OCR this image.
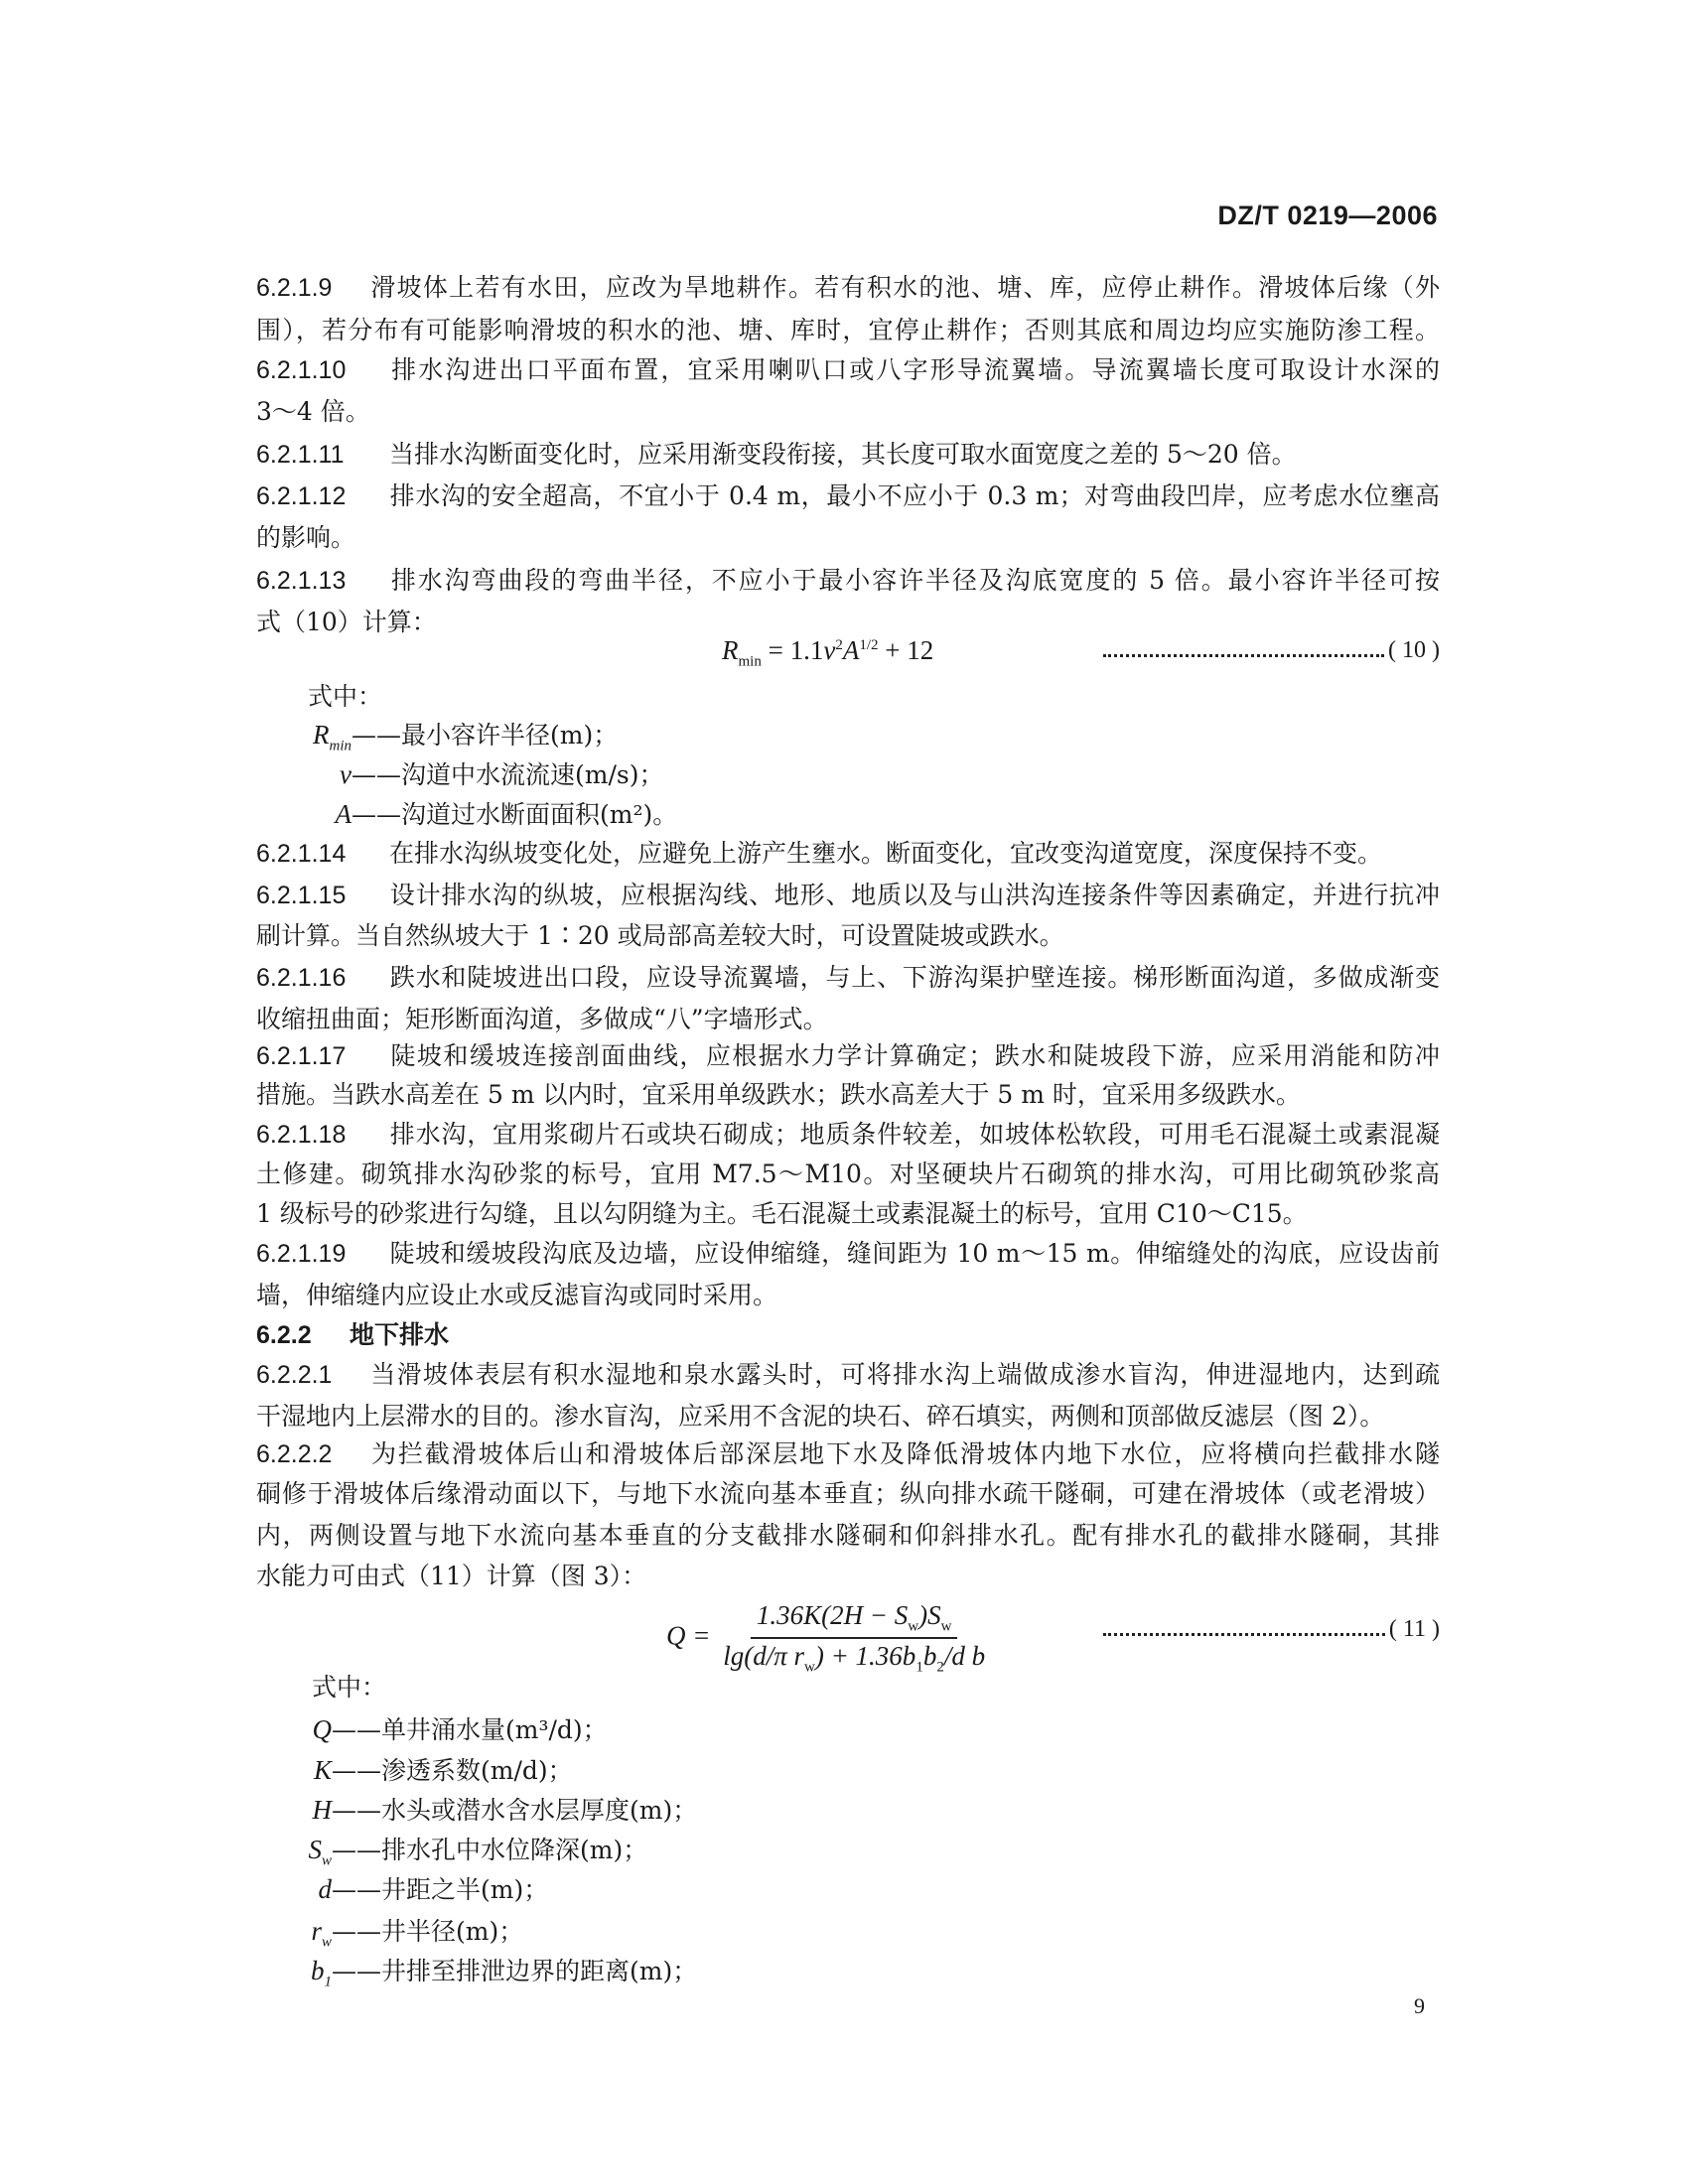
DZ/T 0219—2006
6.2.1.9 滑坡体上若有水田，应改为旱地耕作。若有积水的池、塘、库，应停止耕作。滑坡体后缘（外
围），若分布有可能影响滑坡的积水的池、塘、库时，宜停止耕作；否则其底和周边均应实施防渗工程。
6.2.1.10 排水沟进出口平面布置，宜采用喇叭口或八字形导流翼墙。导流翼墙长度可取设计水深的
3～4 倍。
6.2.1.11 当排水沟断面变化时，应采用渐变段衔接，其长度可取水面宽度之差的 5～20 倍。
6.2.1.12 排水沟的安全超高，不宜小于 0.4 m，最小不应小于 0.3 m；对弯曲段凹岸，应考虑水位壅高
的影响。
6.2.1.13 排水沟弯曲段的弯曲半径，不应小于最小容许半径及沟底宽度的 5 倍。最小容许半径可按
式（10）计算：
$R_{min} = 1.1v^2A^{1/2} + 12$	( 10 )
式中：
$R_{min}——$最小容许半径(m)；
v——沟道中水流流速(m/s)；
A——沟道过水断面面积(m²)。
6.2.1.14 在排水沟纵坡变化处，应避免上游产生壅水。断面变化，宜改变沟道宽度，深度保持不变。
6.2.1.15 设计排水沟的纵坡，应根据沟线、地形、地质以及与山洪沟连接条件等因素确定，并进行抗冲
刷计算。当自然纵坡大于 1∶20 或局部高差较大时，可设置陡坡或跌水。
6.2.1.16 跌水和陡坡进出口段，应设导流翼墙，与上、下游沟渠护壁连接。梯形断面沟道，多做成渐变
收缩扭曲面；矩形断面沟道，多做成“八”字墙形式。
6.2.1.17 陡坡和缓坡连接剖面曲线，应根据水力学计算确定；跌水和陡坡段下游，应采用消能和防冲
措施。当跌水高差在 5 m 以内时，宜采用单级跌水；跌水高差大于 5 m 时，宜采用多级跌水。
6.2.1.18 排水沟，宜用浆砌片石或块石砌成；地质条件较差，如坡体松软段，可用毛石混凝土或素混凝
土修建。砌筑排水沟砂浆的标号，宜用 M7.5～M10。对坚硬块片石砌筑的排水沟，可用比砌筑砂浆高
1 级标号的砂浆进行勾缝，且以勾阴缝为主。毛石混凝土或素混凝土的标号，宜用 C10～C15。
6.2.1.19 陡坡和缓坡段沟底及边墙，应设伸缩缝，缝间距为 10 m～15 m。伸缩缝处的沟底，应设齿前
墙，伸缩缝内应设止水或反滤盲沟或同时采用。
6.2.2 地下排水
6.2.2.1 当滑坡体表层有积水湿地和泉水露头时，可将排水沟上端做成渗水盲沟，伸进湿地内，达到疏
干湿地内上层滞水的目的。渗水盲沟，应采用不含泥的块石、碎石填实，两侧和顶部做反滤层（图 2）。
6.2.2.2 为拦截滑坡体后山和滑坡体后部深层地下水及降低滑坡体内地下水位，应将横向拦截排水隧
硐修于滑坡体后缘滑动面以下，与地下水流向基本垂直；纵向排水疏干隧硐，可建在滑坡体（或老滑坡）
内，两侧设置与地下水流向基本垂直的分支截排水隧硐和仰斜排水孔。配有排水孔的截排水隧硐，其排
水能力可由式（11）计算（图 3）：
$Q = \frac{1.36K(2H - S_w)S_w}{\lg(d/\pi r_w) + 1.36b_1b_2/d b}$	( 11 )
式中：
Q——单井涌水量(m³/d)；
K——渗透系数(m/d)；
H——水头或潜水含水层厚度(m)；
$S_w——$排水孔中水位降深(m)；
d——井距之半(m)；
$r_w——$井半径(m)；
$b_1——$井排至排泄边界的距离(m)；
9
